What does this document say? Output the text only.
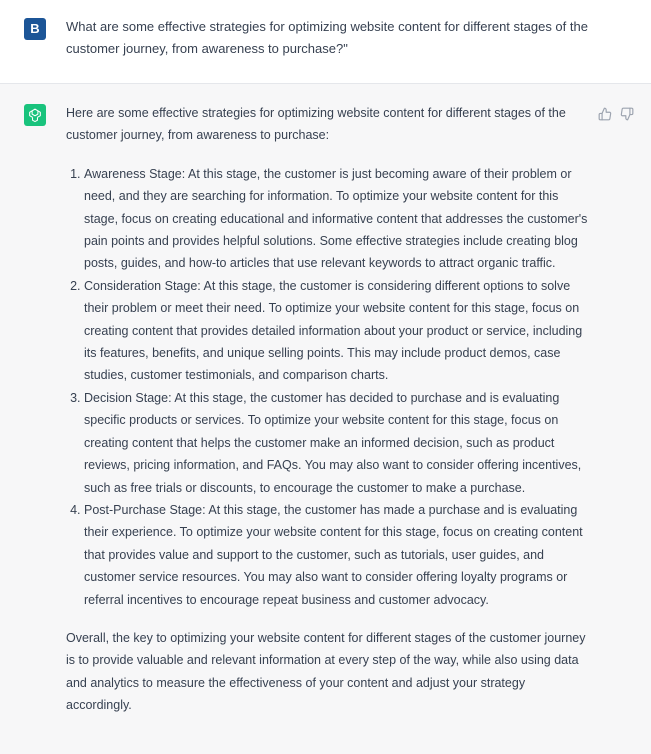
B	What are some effective strategies for optimizing website content for different stages of the customer journey, from awareness to purchase?"

Here are some effective strategies for optimizing website content for different stages of the customer journey, from awareness to purchase:

1. Awareness Stage: At this stage, the customer is just becoming aware of their problem or need, and they are searching for information. To optimize your website content for this stage, focus on creating educational and informative content that addresses the customer's pain points and provides helpful solutions. Some effective strategies include creating blog posts, guides, and how-to articles that use relevant keywords to attract organic traffic.
2. Consideration Stage: At this stage, the customer is considering different options to solve their problem or meet their need. To optimize your website content for this stage, focus on creating content that provides detailed information about your product or service, including its features, benefits, and unique selling points. This may include product demos, case studies, customer testimonials, and comparison charts.
3. Decision Stage: At this stage, the customer has decided to purchase and is evaluating specific products or services. To optimize your website content for this stage, focus on creating content that helps the customer make an informed decision, such as product reviews, pricing information, and FAQs. You may also want to consider offering incentives, such as free trials or discounts, to encourage the customer to make a purchase.
4. Post-Purchase Stage: At this stage, the customer has made a purchase and is evaluating their experience. To optimize your website content for this stage, focus on creating content that provides value and support to the customer, such as tutorials, user guides, and customer service resources. You may also want to consider offering loyalty programs or referral incentives to encourage repeat business and customer advocacy.

Overall, the key to optimizing your website content for different stages of the customer journey is to provide valuable and relevant information at every step of the way, while also using data and analytics to measure the effectiveness of your content and adjust your strategy accordingly.
